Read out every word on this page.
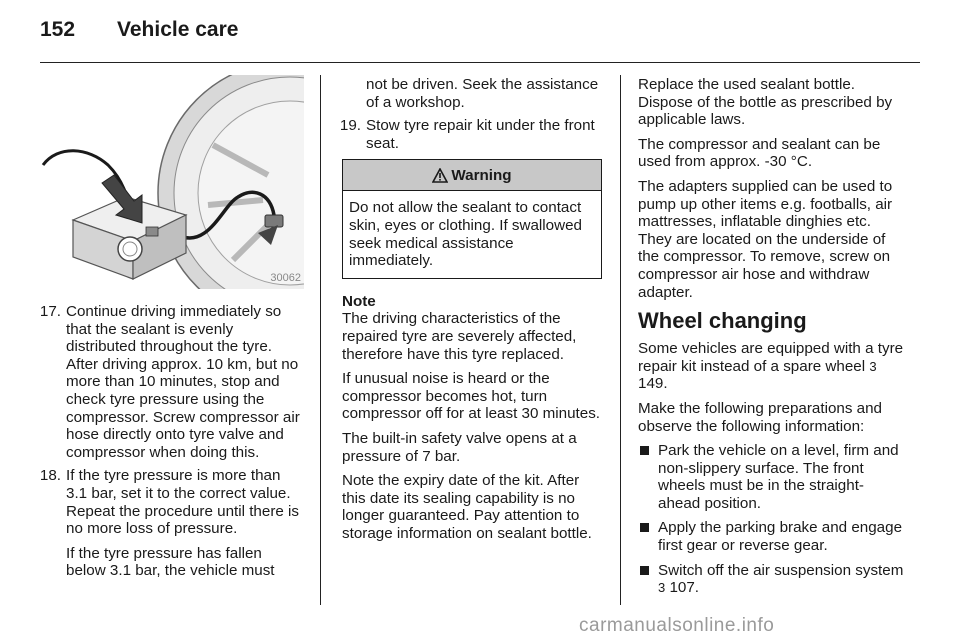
152 Vehicle care
30062
17. Continue driving immediately so that the sealant is evenly distributed throughout the tyre. After driving approx. 10 km, but no more than 10 minutes, stop and check tyre pressure using the compressor. Screw compressor air hose directly onto tyre valve and compressor when doing this.
18. If the tyre pressure is more than 3.1 bar, set it to the correct value. Repeat the procedure until there is no more loss of pressure.
If the tyre pressure has fallen below 3.1 bar, the vehicle must
not be driven. Seek the assistance of a workshop.
19. Stow tyre repair kit under the front seat.
Warning
Do not allow the sealant to contact skin, eyes or clothing. If swallowed seek medical assistance immediately.
Note

The driving characteristics of the repaired tyre are severely affected, therefore have this tyre replaced.

If unusual noise is heard or the compressor becomes hot, turn compressor off for at least 30 minutes.

The built-in safety valve opens at a pressure of 7 bar.

Note the expiry date of the kit. After this date its sealing capability is no longer guaranteed. Pay attention to storage information on sealant bottle.

Replace the used sealant bottle. Dispose of the bottle as prescribed by applicable laws.

The compressor and sealant can be used from approx. -30 °C.

The adapters supplied can be used to pump up other items e.g. footballs, air mattresses, inflatable dinghies etc. They are located on the underside of the compressor. To remove, screw on compressor air hose and withdraw adapter.

Wheel changing

Some vehicles are equipped with a tyre repair kit instead of a spare wheel 3 149.

Make the following preparations and observe the following information:

Park the vehicle on a level, firm and non-slippery surface. The front wheels must be in the straight-ahead position.
Apply the parking brake and engage first gear or reverse gear.
Switch off the air suspension system 3 107.
carmanualsonline.info
